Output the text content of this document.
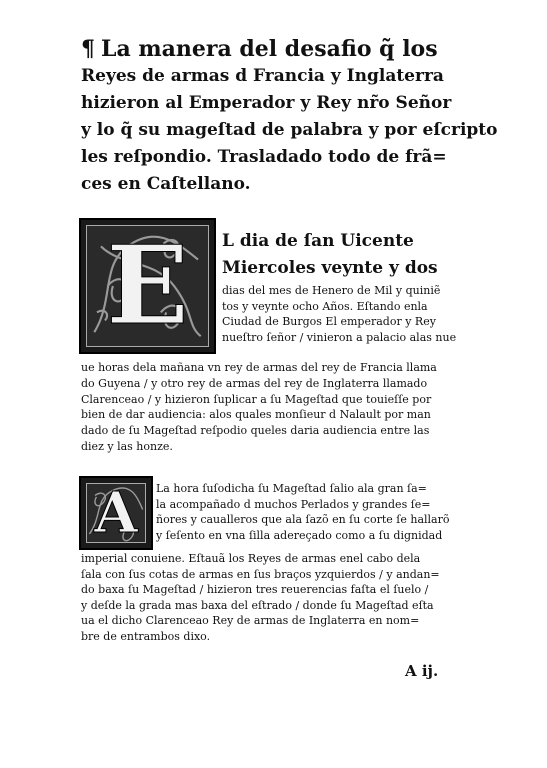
¶ La manera del desafio q̃ los
Reyes de armas d Francia y Inglaterra
hizieron al Emperador y Rey nr̃o Señor
y lo q̃ su mageſtad de palabra y por eſcripto
les reſpondio. Trasladado todo de frã=
ces en Caſtellano.
E	L dia de ſan Uicente
Miercoles veynte y dos
dias del mes de Henero de Mil y quiniẽ
tos y veynte ocho Años. Eſtando enla
Ciudad de Burgos El emperador y Rey
nueſtro ſeñor / vinieron a palacio alas nue
ue horas dela mañana vn rey de armas del rey de Francia llama
do Guyena / y otro rey de armas del rey de Inglaterra llamado
Clarenceao / y hizieron ſuplicar a ſu Mageſtad que touieſſe por
bien de dar audiencia: alos quales monſieur d Nalault por man
dado de ſu Mageſtad reſpodio queles daria audiencia entre las
diez y las honze.
A	La hora ſuſodicha ſu Mageſtad ſalio ala gran ſa=
la acompañado d muchos Perlados y grandes ſe=
ñores y caualleros que ala ſazõ en ſu corte ſe hallarõ
y ſeſento en vna ſilla adereçado como a ſu dignidad
imperial conuiene. Eſtauã los Reyes de armas enel cabo dela
ſala con ſus cotas de armas en ſus braços yzquierdos / y andan=
do baxa ſu Mageſtad / hizieron tres reuerencias faſta el ſuelo /
y deſde la grada mas baxa del eſtrado / donde ſu Mageſtad eſta
ua el dicho Clarenceao Rey de armas de Inglaterra en nom=
bre de entrambos dixo.
A ij.
